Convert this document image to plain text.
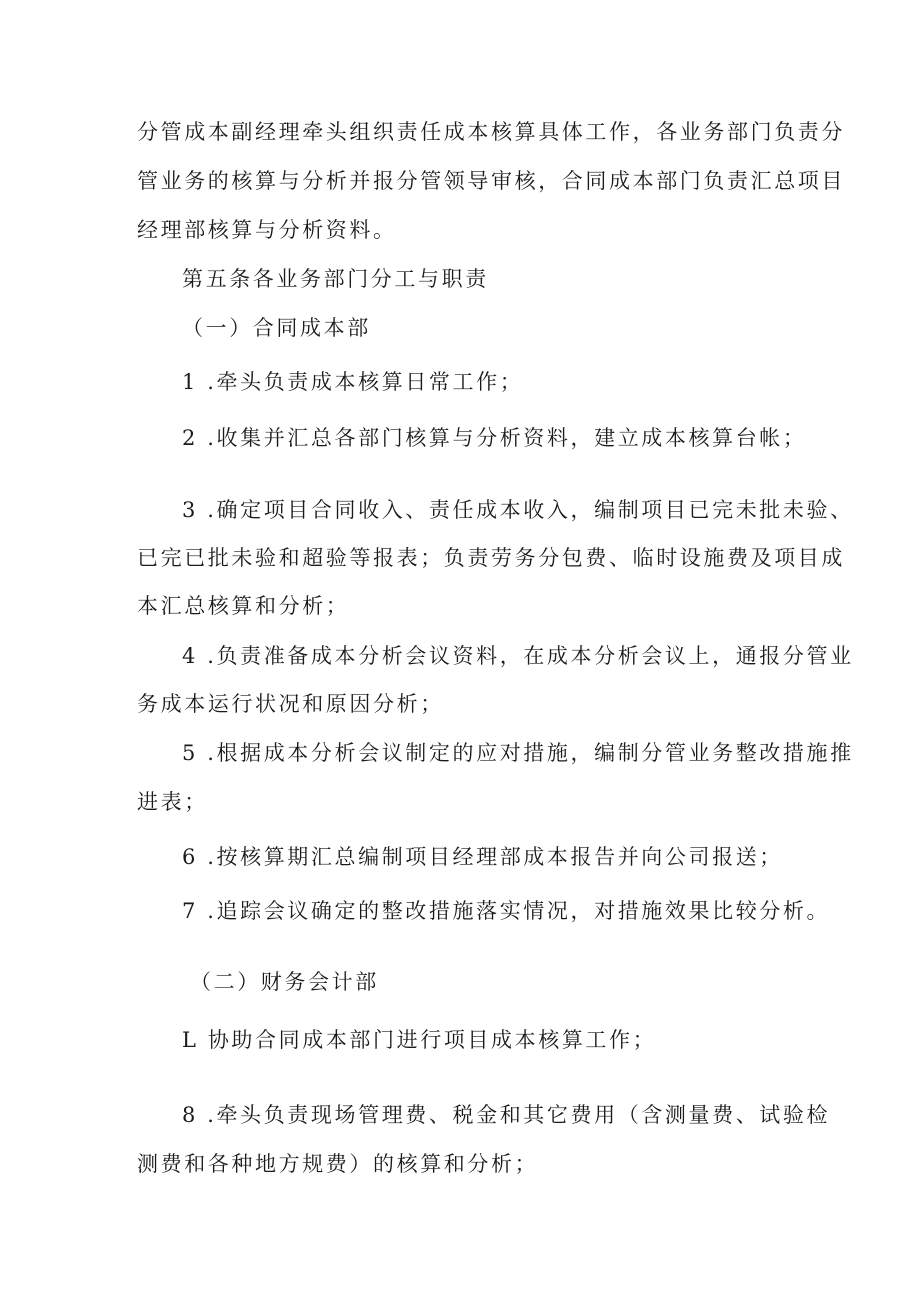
分管成本副经理牵头组织责任成本核算具体工作，各业务部门负责分
管业务的核算与分析并报分管领导审核，合同成本部门负责汇总项目
经理部核算与分析资料。
第五条各业务部门分工与职责
（一）合同成本部
1 .牵头负责成本核算日常工作；
2 .收集并汇总各部门核算与分析资料，建立成本核算台帐；
3 .确定项目合同收入、责任成本收入，编制项目已完未批未验、
已完已批未验和超验等报表；负责劳务分包费、临时设施费及项目成
本汇总核算和分析；
4 .负责准备成本分析会议资料，在成本分析会议上，通报分管业
务成本运行状况和原因分析；
5 .根据成本分析会议制定的应对措施，编制分管业务整改措施推
进表；
6 .按核算期汇总编制项目经理部成本报告并向公司报送；
7 .追踪会议确定的整改措施落实情况，对措施效果比较分析。
（二）财务会计部
L 协助合同成本部门进行项目成本核算工作；
8 .牵头负责现场管理费、税金和其它费用（含测量费、试验检
测费和各种地方规费）的核算和分析；
